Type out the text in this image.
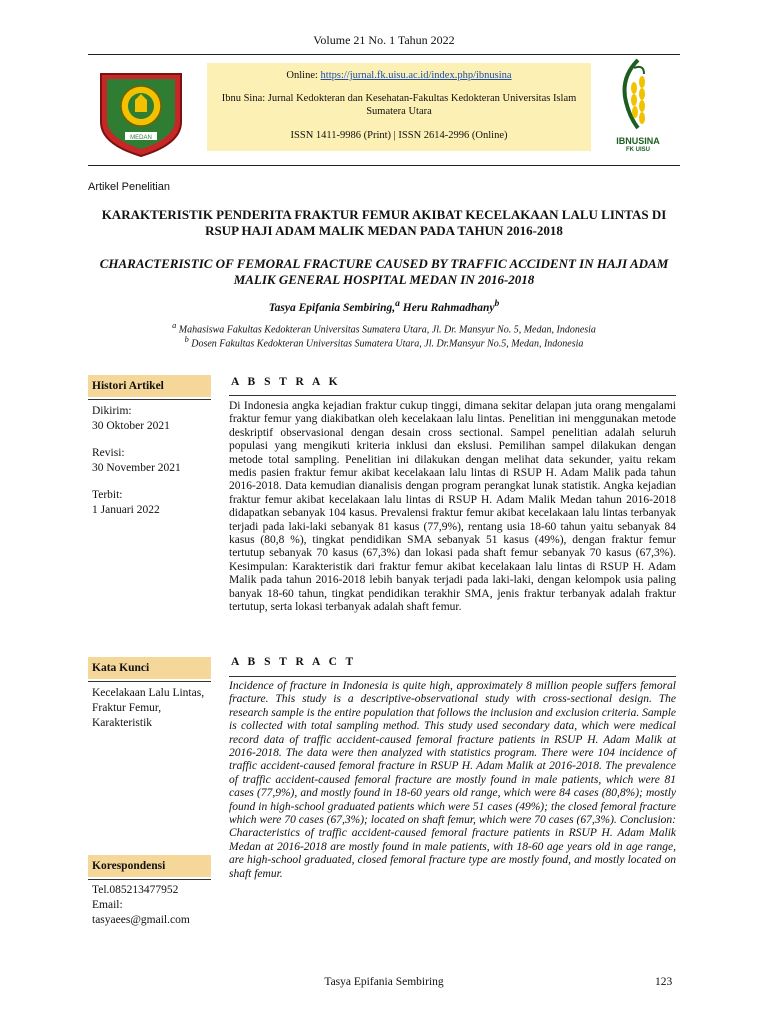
Volume 21 No. 1 Tahun 2022
MEDAN
Online: https://jurnal.fk.uisu.ac.id/index.php/ibnusina
Ibnu Sina: Jurnal Kedokteran dan Kesehatan-Fakultas Kedokteran Universitas Islam Sumatera Utara
ISSN 1411-9986 (Print) | ISSN 2614-2996 (Online)	IBNUSINA
FK UISU
Artikel Penelitian
KARAKTERISTIK PENDERITA FRAKTUR FEMUR AKIBAT KECELAKAAN LALU LINTAS DI RSUP HAJI ADAM MALIK MEDAN PADA TAHUN 2016-2018
CHARACTERISTIC OF FEMORAL FRACTURE CAUSED BY TRAFFIC ACCIDENT IN HAJI ADAM MALIK GENERAL HOSPITAL MEDAN IN 2016-2018
Tasya Epifania Sembiring,$^a$ Heru Rahmadhany$^b$
$^a$ Mahasiswa Fakultas Kedokteran Universitas Sumatera Utara, Jl. Dr. Mansyur No. 5, Medan, Indonesia
$^b$ Dosen Fakultas Kedokteran Universitas Sumatera Utara, Jl. Dr.Mansyur No.5, Medan, Indonesia
Histori Artikel
Dikirim:
30 Oktober 2021
Revisi:
30 November 2021
Terbit:
1 Januari 2022
Kata Kunci
Kecelakaan Lalu Lintas, Fraktur Femur, Karakteristik
Korespondensi
Tel.085213477952
Email:
tasyaees@gmail.com
A B S T R A K
Di Indonesia angka kejadian fraktur cukup tinggi, dimana sekitar delapan juta orang mengalami fraktur femur yang diakibatkan oleh kecelakaan lalu lintas. Penelitian ini menggunakan metode deskriptif observasional dengan desain cross sectional. Sampel penelitian adalah seluruh populasi yang mengikuti kriteria inklusi dan ekslusi. Pemilihan sampel dilakukan dengan metode total sampling. Penelitian ini dilakukan dengan melihat data sekunder, yaitu rekam medis pasien fraktur femur akibat kecelakaan lalu lintas di RSUP H. Adam Malik pada tahun 2016-2018. Data kemudian dianalisis dengan program perangkat lunak statistik. Angka kejadian fraktur femur akibat kecelakaan lalu lintas di RSUP H. Adam Malik Medan tahun 2016-2018 didapatkan sebanyak 104 kasus. Prevalensi fraktur femur akibat kecelakaan lalu lintas terbanyak terjadi pada laki-laki sebanyak 81 kasus (77,9%), rentang usia 18-60 tahun yaitu sebanyak 84 kasus (80,8 %), tingkat pendidikan SMA sebanyak 51 kasus (49%), dengan fraktur femur tertutup sebanyak 70 kasus (67,3%) dan lokasi pada shaft femur sebanyak 70 kasus (67,3%). Kesimpulan: Karakteristik dari fraktur femur akibat kecelakaan lalu lintas di RSUP H. Adam Malik pada tahun 2016-2018 lebih banyak terjadi pada laki-laki, dengan kelompok usia paling banyak 18-60 tahun, tingkat pendidikan terakhir SMA, jenis fraktur terbanyak adalah fraktur tertutup, serta lokasi terbanyak adalah shaft femur.
A B S T R A C T
Incidence of fracture in Indonesia is quite high, approximately 8 million people suffers femoral fracture. This study is a descriptive-observational study with cross-sectional design. The research sample is the entire population that follows the inclusion and exclusion criteria. Sample is collected with total sampling method. This study used secondary data, which were medical record data of traffic accident-caused femoral fracture patients in RSUP H. Adam Malik at 2016-2018. The data were then analyzed with statistics program. There were 104 incidence of traffic accident-caused femoral fracture in RSUP H. Adam Malik at 2016-2018. The prevalence of traffic accident-caused femoral fracture are mostly found in male patients, which were 81 cases (77,9%), and mostly found in 18-60 years old range, which were 84 cases (80,8%); mostly found in high-school graduated patients which were 51 cases (49%); the closed femoral fracture which were 70 cases (67,3%); located on shaft femur, which were 70 cases (67,3%). Conclusion: Characteristics of traffic accident-caused femoral fracture patients in RSUP H. Adam Malik Medan at 2016-2018 are mostly found in male patients, with 18-60 age years old in age range, are high-school graduated, closed femoral fracture type are mostly found, and mostly located on shaft femur.
Tasya Epifania Sembiring	123
